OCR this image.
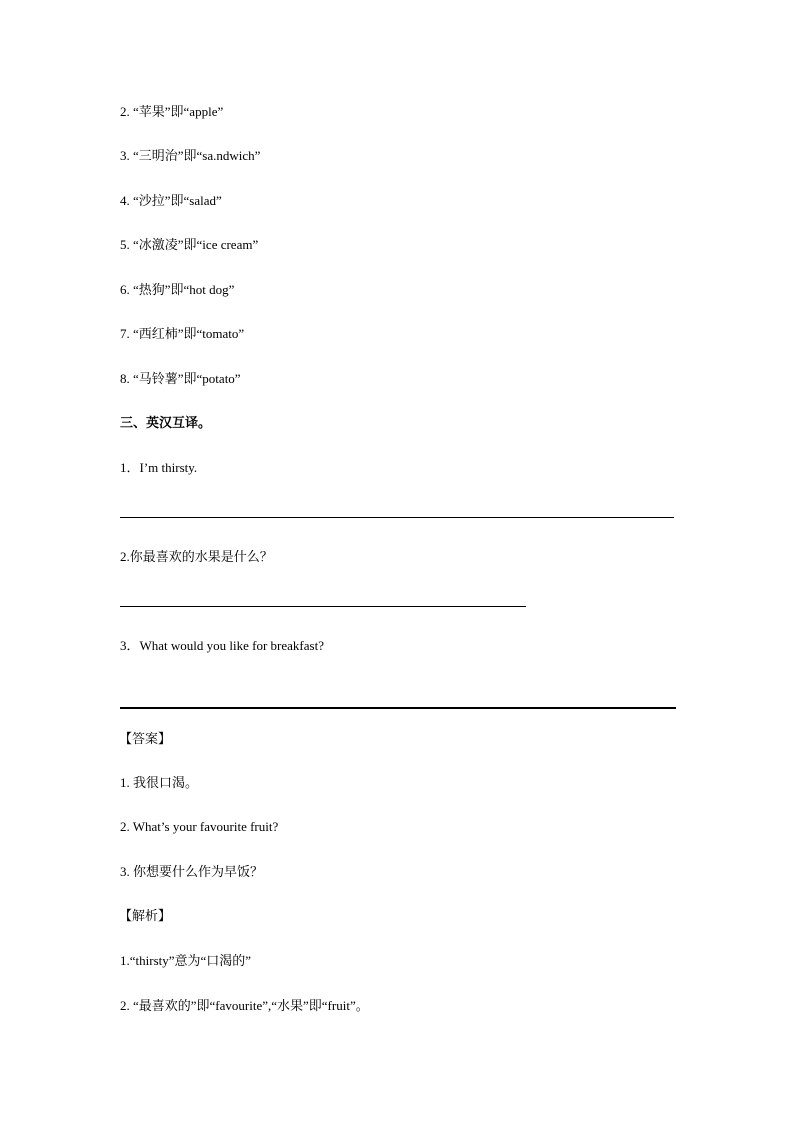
2. “苹果”即“apple”
3. “三明治”即“sa.ndwich”
4. “沙拉”即“salad”
5. “冰激凌”即“ice cream”
6. “热狗”即“hot dog”
7. “西红柿”即“tomato”
8. “马铃薯”即“potato”
三、英汉互译。
1．I’m thirsty.
2.你最喜欢的水果是什么？
3．What would you like for breakfast?
【答案】
1. 我很口渴。
2. What’s your favourite fruit?
3. 你想要什么作为早饭？
【解析】
1.“thirsty”意为“口渴的”
2. “最喜欢的”即“favourite”,“水果”即“fruit”。
